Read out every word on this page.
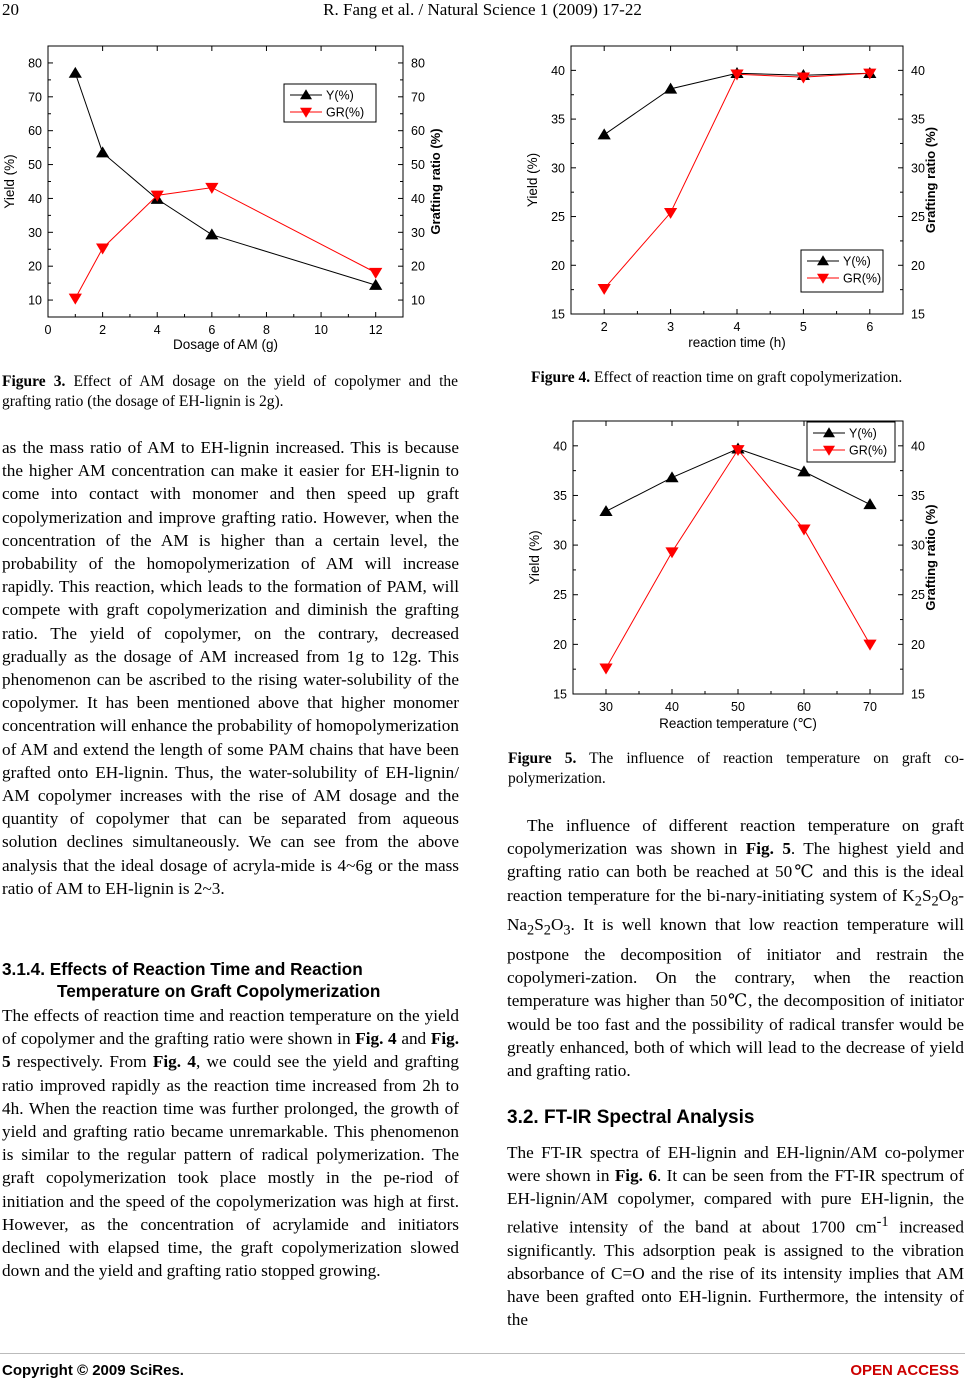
20	R. Fang et al. / Natural Science 1 (2009) 17-22
0	2	4	6	8	10	12
10	10
20	20
30	30
40	40
50	50
60	60
70	70
80	80
Dosage of AM (g)
Yield (%)	Grafting ratio (%)
Y(%)
GR(%)
Figure 3. Effect of AM dosage on the yield of copolymer and the grafting ratio (the dosage of EH-lignin is 2g).
2	3	4	5	6
15	15
20	20
25	25
30	30
35	35
40	40
reaction time (h)
Yield (%)	Grafting ratio (%)
Y(%)
GR(%)
Figure 4. Effect of reaction time on graft copolymerization.
30	40	50	60	70
15	15
20	20
25	25
30	30
35	35
40	40
Reaction temperature (℃)
Yield (%)	Grafting ratio (%)
Y(%)
GR(%)
Figure 5. The influence of reaction temperature on graft co-polymerization.

as the mass ratio of AM to EH-lignin increased. This is because the higher AM concentration can make it easier for EH-lignin to come into contact with monomer and then speed up graft copolymerization and improve grafting ratio. However, when the concentration of the AM is higher than a certain level, the probability of the homopolymerization of AM will increase rapidly. This reaction, which leads to the formation of PAM, will compete with graft copolymerization and diminish the grafting ratio. The yield of copolymer, on the contrary, decreased gradually as the dosage of AM increased from 1g to 12g. This phenomenon can be ascribed to the rising water-solubility of the copolymer. It has been mentioned above that higher monomer concentration will enhance the probability of homopolymerization of AM and extend the length of some PAM chains that have been grafted onto EH-lignin. Thus, the water-solubility of EH-lignin/ AM copolymer increases with the rise of AM dosage and the quantity of copolymer that can be separated from aqueous solution declines simultaneously. We can see from the above analysis that the ideal dosage of acryla-mide is 4~6g or the mass ratio of AM to EH-lignin is 2~3.

3.1.4. Effects of Reaction Time and Reaction
Temperature on Graft Copolymerization

The effects of reaction time and reaction temperature on the yield of copolymer and the grafting ratio were shown in Fig. 4 and Fig. 5 respectively. From Fig. 4, we could see the yield and grafting ratio improved rapidly as the reaction time increased from 2h to 4h. When the reaction time was further prolonged, the growth of yield and grafting ratio became unremarkable. This phenomenon is similar to the regular pattern of radical polymerization. The graft copolymerization took place mostly in the pe-riod of initiation and the speed of the copolymerization was high at first. However, as the concentration of acrylamide and initiators declined with elapsed time, the graft copolymerization slowed down and the yield and grafting ratio stopped growing.

The influence of different reaction temperature on graft copolymerization was shown in Fig. 5. The highest yield and grafting ratio can both be reached at 50℃ and this is the ideal reaction temperature for the bi-nary-initiating system of $K_2S_2O_8-Na_2S_2O_3$. It is well known that low reaction temperature will postpone the decomposition of initiator and restrain the copolymeri-zation. On the contrary, when the reaction temperature was higher than 50℃, the decomposition of initiator would be too fast and the possibility of radical transfer would be greatly enhanced, both of which will lead to the decrease of yield and grafting ratio.

3.2. FT-IR Spectral Analysis

The FT-IR spectra of EH-lignin and EH-lignin/AM co-polymer were shown in Fig. 6. It can be seen from the FT-IR spectrum of EH-lignin/AM copolymer, compared with pure EH-lignin, the relative intensity of the band at about 1700 $cm^{-1}$ increased significantly. This adsorption peak is assigned to the vibration absorbance of C=O and the rise of its intensity implies that AM have been grafted onto EH-lignin. Furthermore, the intensity of the

Copyright © 2009 SciRes.	OPEN ACCESS
